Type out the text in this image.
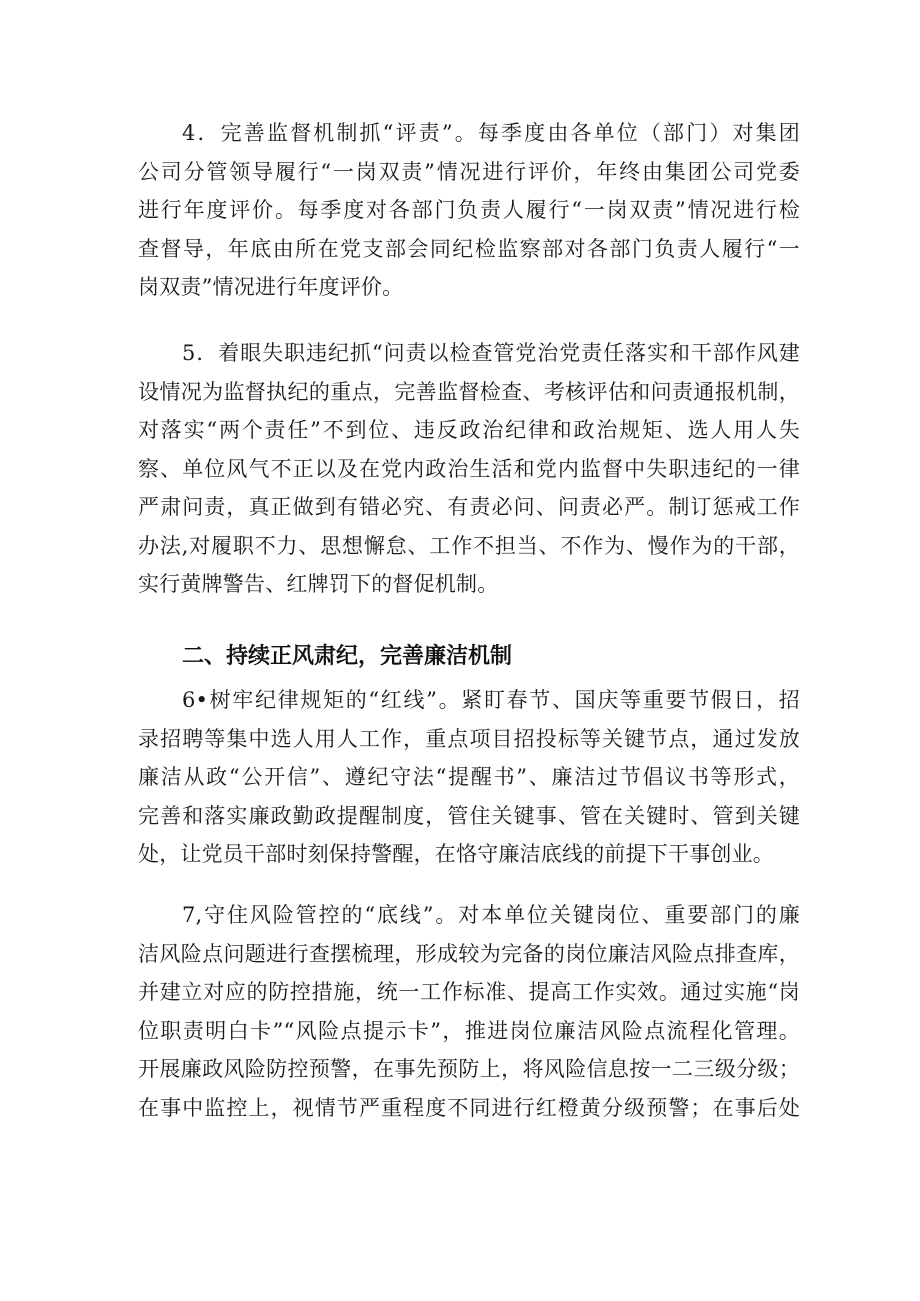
4．完善监督机制抓“评责”。每季度由各单位（部门）对集团
公司分管领导履行“一岗双责”情况进行评价，年终由集团公司党委
进行年度评价。每季度对各部门负责人履行“一岗双责”情况进行检
查督导，年底由所在党支部会同纪检监察部对各部门负责人履行“一
岗双责”情况进行年度评价。
5．着眼失职违纪抓“问责以检查管党治党责任落实和干部作风建
设情况为监督执纪的重点，完善监督检查、考核评估和问责通报机制，
对落实“两个责任”不到位、违反政治纪律和政治规矩、选人用人失
察、单位风气不正以及在党内政治生活和党内监督中失职违纪的一律
严肃问责，真正做到有错必究、有责必问、问责必严。制订惩戒工作
办法,对履职不力、思想懈怠、工作不担当、不作为、慢作为的干部，
实行黄牌警告、红牌罚下的督促机制。
二、持续正风肃纪，完善廉洁机制
6•树牢纪律规矩的“红线”。紧盯春节、国庆等重要节假日，招
录招聘等集中选人用人工作，重点项目招投标等关键节点，通过发放
廉洁从政“公开信”、遵纪守法“提醒书”、廉洁过节倡议书等形式，
完善和落实廉政勤政提醒制度，管住关键事、管在关键时、管到关键
处，让党员干部时刻保持警醒，在恪守廉洁底线的前提下干事创业。
7,守住风险管控的“底线”。对本单位关键岗位、重要部门的廉
洁风险点问题进行查摆梳理，形成较为完备的岗位廉洁风险点排查库，
并建立对应的防控措施，统一工作标准、提高工作实效。通过实施“岗
位职责明白卡”“风险点提示卡”，推进岗位廉洁风险点流程化管理。
开展廉政风险防控预警，在事先预防上，将风险信息按一二三级分级；
在事中监控上，视情节严重程度不同进行红橙黄分级预警；在事后处
